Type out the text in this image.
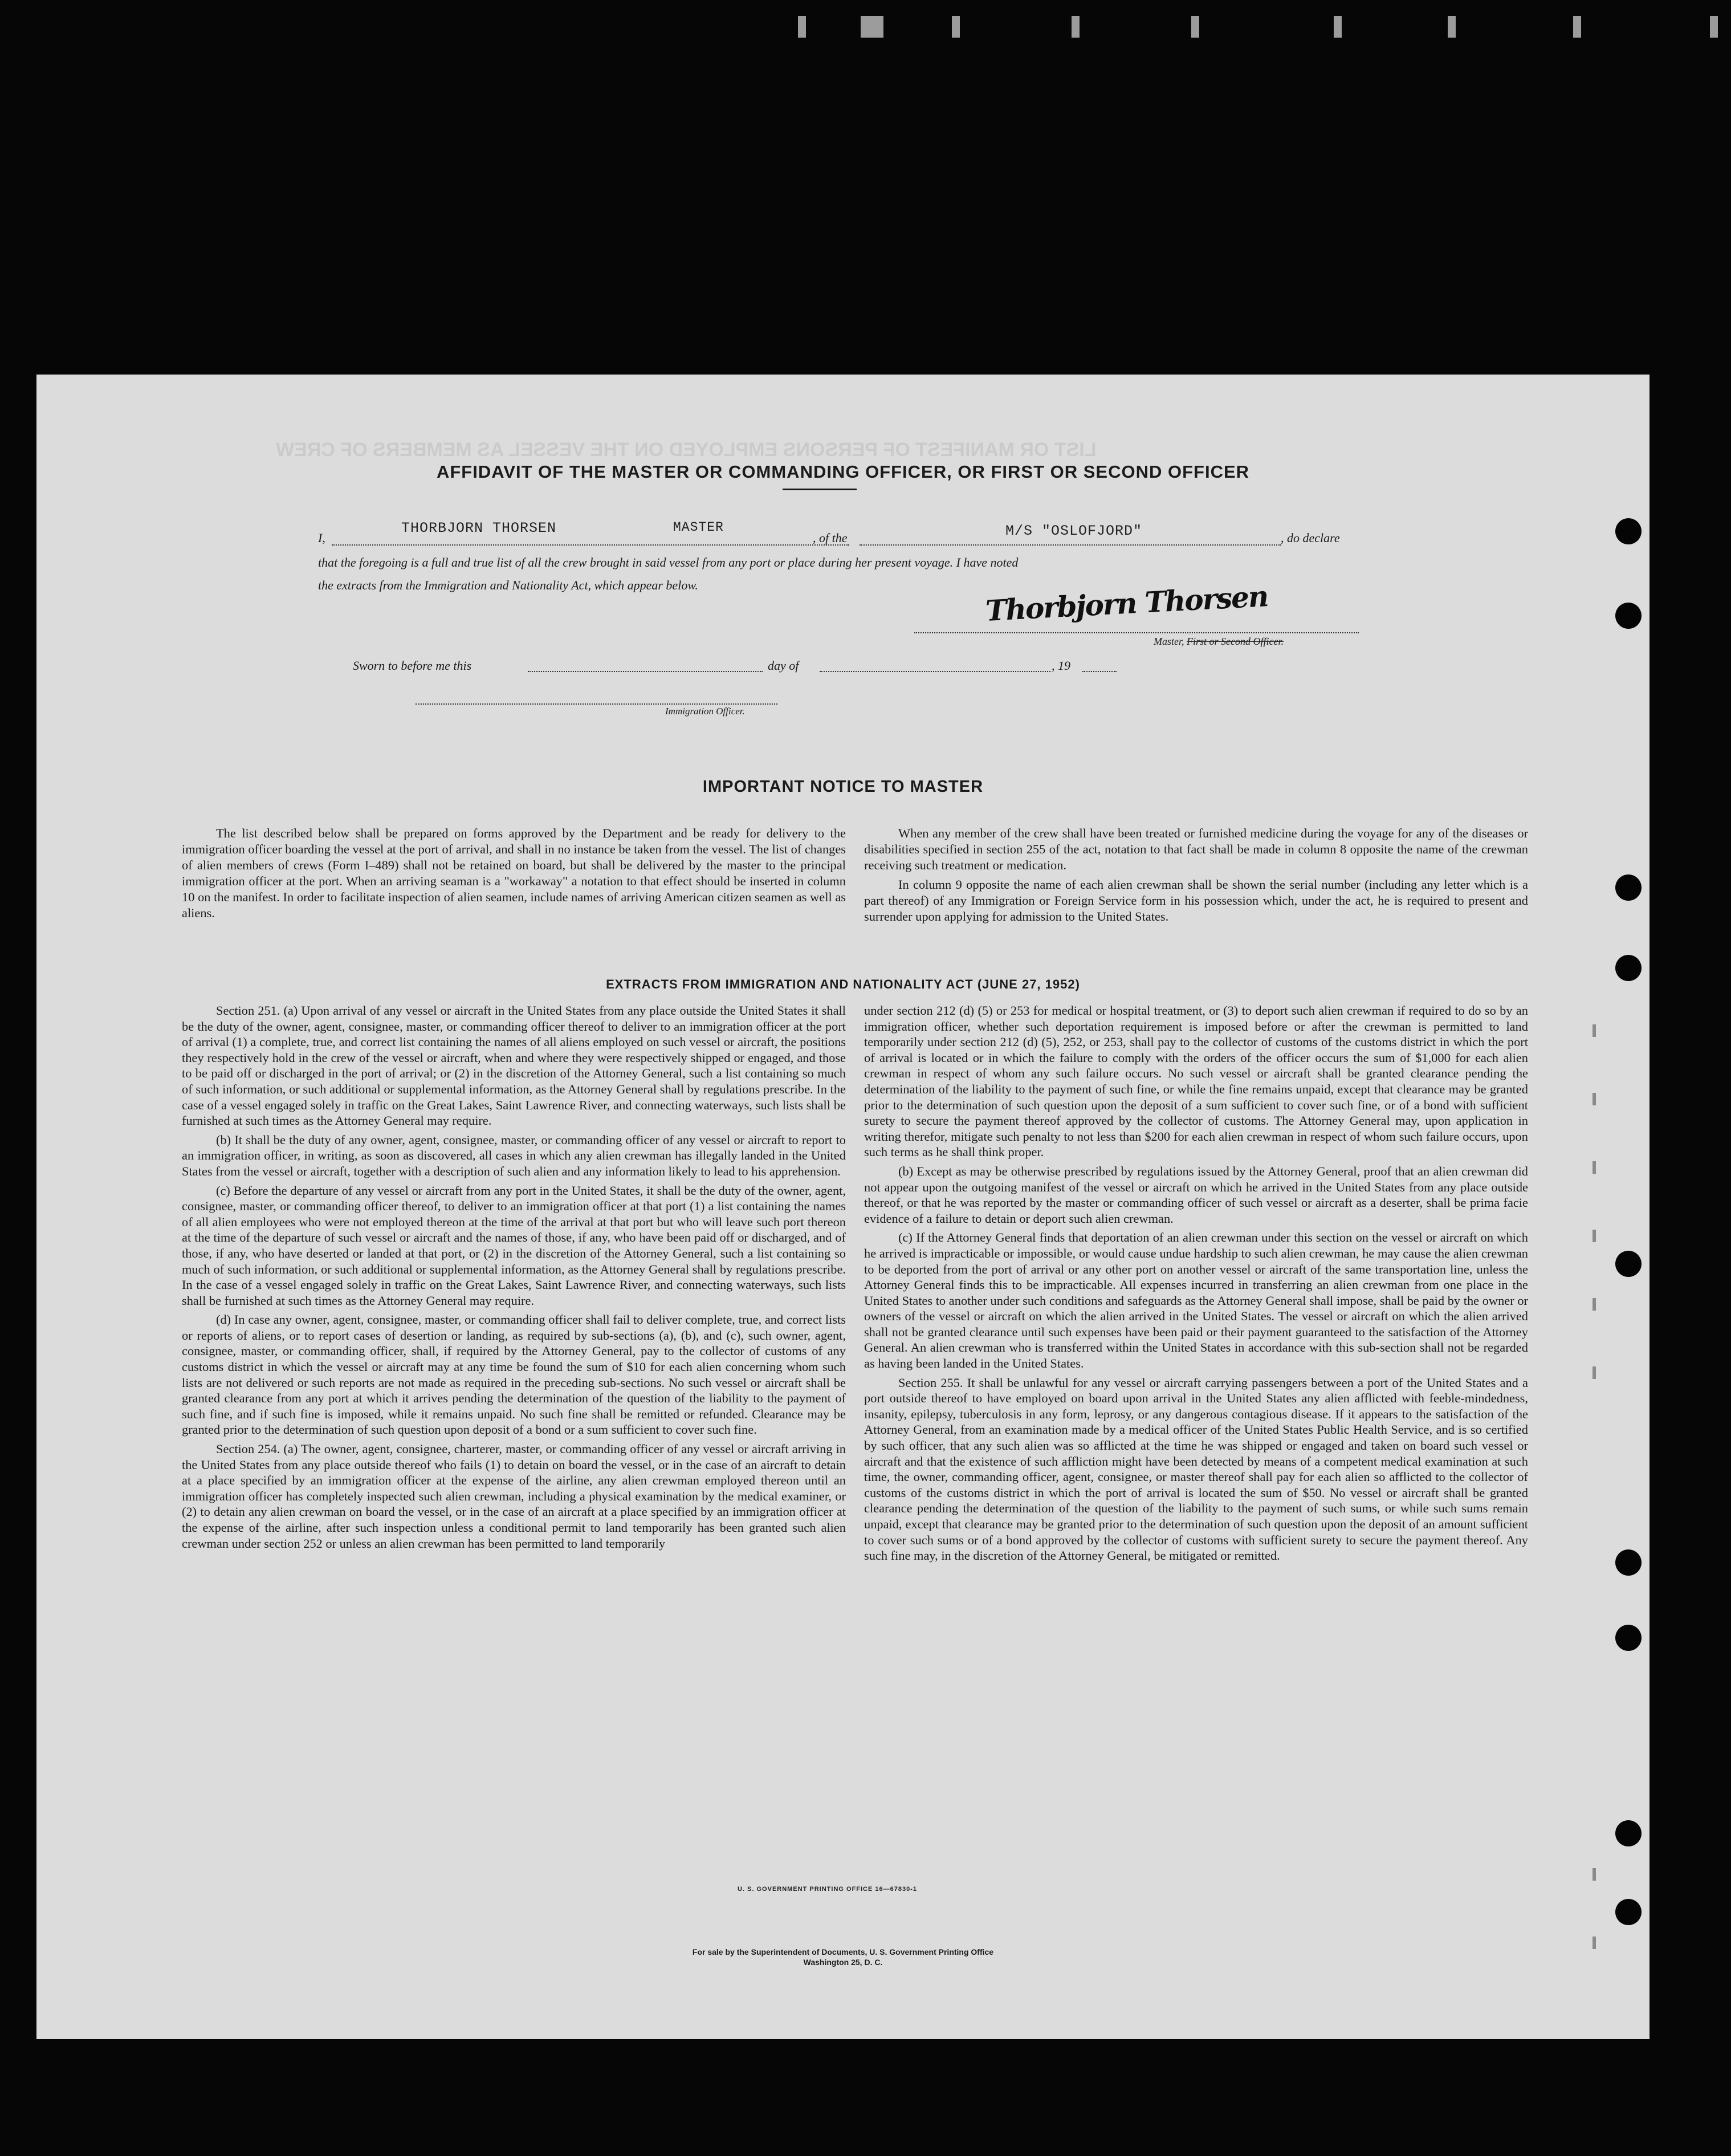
LIST OR MANIFEST OF PERSONS EMPLOYED ON THE VESSEL AS MEMBERS OF CREW
AFFIDAVIT OF THE MASTER OR COMMANDING OFFICER, OR FIRST OR SECOND OFFICER
I,
THORBJORN THORSEN	MASTER
, of the	M/S "OSLOFJORD"	, do declare
that the foregoing is a full and true list of all the crew brought in said vessel from any port or place during her present voyage. I have noted
the extracts from the Immigration and Nationality Act, which appear below.	Thorbjorn Thorsen
Master, First or Second Officer.
Sworn to before me this	day of	, 19
Immigration Officer.
IMPORTANT NOTICE TO MASTER

The list described below shall be prepared on forms approved by the Department and be ready for delivery to the immigration officer boarding the vessel at the port of arrival, and shall in no instance be taken from the vessel. The list of changes of alien members of crews (Form I–489) shall not be retained on board, but shall be delivered by the master to the principal immigration officer at the port. When an arriving seaman is a "workaway" a notation to that effect should be inserted in column 10 on the manifest. In order to facilitate inspection of alien seamen, include names of arriving American citizen seamen as well as aliens.

When any member of the crew shall have been treated or furnished medicine during the voyage for any of the diseases or disabilities specified in section 255 of the act, notation to that fact shall be made in column 8 opposite the name of the crewman receiving such treatment or medication.

In column 9 opposite the name of each alien crewman shall be shown the serial number (including any letter which is a part thereof) of any Immigration or Foreign Service form in his possession which, under the act, he is required to present and surrender upon applying for admission to the United States.

EXTRACTS FROM IMMIGRATION AND NATIONALITY ACT (JUNE 27, 1952)

Section 251. (a) Upon arrival of any vessel or aircraft in the United States from any place outside the United States it shall be the duty of the owner, agent, consignee, master, or commanding officer thereof to deliver to an immigration officer at the port of arrival (1) a complete, true, and correct list containing the names of all aliens employed on such vessel or aircraft, the positions they respectively hold in the crew of the vessel or aircraft, when and where they were respectively shipped or engaged, and those to be paid off or discharged in the port of arrival; or (2) in the discretion of the Attorney General, such a list containing so much of such information, or such additional or supplemental information, as the Attorney General shall by regulations prescribe. In the case of a vessel engaged solely in traffic on the Great Lakes, Saint Lawrence River, and connecting waterways, such lists shall be furnished at such times as the Attorney General may require.

(b) It shall be the duty of any owner, agent, consignee, master, or commanding officer of any vessel or aircraft to report to an immigration officer, in writing, as soon as discovered, all cases in which any alien crewman has illegally landed in the United States from the vessel or aircraft, together with a description of such alien and any information likely to lead to his apprehension.

(c) Before the departure of any vessel or aircraft from any port in the United States, it shall be the duty of the owner, agent, consignee, master, or commanding officer thereof, to deliver to an immigration officer at that port (1) a list containing the names of all alien employees who were not employed thereon at the time of the arrival at that port but who will leave such port thereon at the time of the departure of such vessel or aircraft and the names of those, if any, who have been paid off or discharged, and of those, if any, who have deserted or landed at that port, or (2) in the discretion of the Attorney General, such a list containing so much of such information, or such additional or supplemental information, as the Attorney General shall by regulations prescribe. In the case of a vessel engaged solely in traffic on the Great Lakes, Saint Lawrence River, and connecting waterways, such lists shall be furnished at such times as the Attorney General may require.

(d) In case any owner, agent, consignee, master, or commanding officer shall fail to deliver complete, true, and correct lists or reports of aliens, or to report cases of desertion or landing, as required by sub-sections (a), (b), and (c), such owner, agent, consignee, master, or commanding officer, shall, if required by the Attorney General, pay to the collector of customs of any customs district in which the vessel or aircraft may at any time be found the sum of $10 for each alien concerning whom such lists are not delivered or such reports are not made as required in the preceding sub-sections. No such vessel or aircraft shall be granted clearance from any port at which it arrives pending the determination of the question of the liability to the payment of such fine, and if such fine is imposed, while it remains unpaid. No such fine shall be remitted or refunded. Clearance may be granted prior to the determination of such question upon deposit of a bond or a sum sufficient to cover such fine.

Section 254. (a) The owner, agent, consignee, charterer, master, or commanding officer of any vessel or aircraft arriving in the United States from any place outside thereof who fails (1) to detain on board the vessel, or in the case of an aircraft to detain at a place specified by an immigration officer at the expense of the airline, any alien crewman employed thereon until an immigration officer has completely inspected such alien crewman, including a physical examination by the medical examiner, or (2) to detain any alien crewman on board the vessel, or in the case of an aircraft at a place specified by an immigration officer at the expense of the airline, after such inspection unless a conditional permit to land temporarily has been granted such alien crewman under section 252 or unless an alien crewman has been permitted to land temporarily

under section 212 (d) (5) or 253 for medical or hospital treatment, or (3) to deport such alien crewman if required to do so by an immigration officer, whether such deportation requirement is imposed before or after the crewman is permitted to land temporarily under section 212 (d) (5), 252, or 253, shall pay to the collector of customs of the customs district in which the port of arrival is located or in which the failure to comply with the orders of the officer occurs the sum of $1,000 for each alien crewman in respect of whom any such failure occurs. No such vessel or aircraft shall be granted clearance pending the determination of the liability to the payment of such fine, or while the fine remains unpaid, except that clearance may be granted prior to the determination of such question upon the deposit of a sum sufficient to cover such fine, or of a bond with sufficient surety to secure the payment thereof approved by the collector of customs. The Attorney General may, upon application in writing therefor, mitigate such penalty to not less than $200 for each alien crewman in respect of whom such failure occurs, upon such terms as he shall think proper.

(b) Except as may be otherwise prescribed by regulations issued by the Attorney General, proof that an alien crewman did not appear upon the outgoing manifest of the vessel or aircraft on which he arrived in the United States from any place outside thereof, or that he was reported by the master or commanding officer of such vessel or aircraft as a deserter, shall be prima facie evidence of a failure to detain or deport such alien crewman.

(c) If the Attorney General finds that deportation of an alien crewman under this section on the vessel or aircraft on which he arrived is impracticable or impossible, or would cause undue hardship to such alien crewman, he may cause the alien crewman to be deported from the port of arrival or any other port on another vessel or aircraft of the same transportation line, unless the Attorney General finds this to be impracticable. All expenses incurred in transferring an alien crewman from one place in the United States to another under such conditions and safeguards as the Attorney General shall impose, shall be paid by the owner or owners of the vessel or aircraft on which the alien arrived in the United States. The vessel or aircraft on which the alien arrived shall not be granted clearance until such expenses have been paid or their payment guaranteed to the satisfaction of the Attorney General. An alien crewman who is transferred within the United States in accordance with this sub-section shall not be regarded as having been landed in the United States.

Section 255. It shall be unlawful for any vessel or aircraft carrying passengers between a port of the United States and a port outside thereof to have employed on board upon arrival in the United States any alien afflicted with feeble-mindedness, insanity, epilepsy, tuberculosis in any form, leprosy, or any dangerous contagious disease. If it appears to the satisfaction of the Attorney General, from an examination made by a medical officer of the United States Public Health Service, and is so certified by such officer, that any such alien was so afflicted at the time he was shipped or engaged and taken on board such vessel or aircraft and that the existence of such affliction might have been detected by means of a competent medical examination at such time, the owner, commanding officer, agent, consignee, or master thereof shall pay for each alien so afflicted to the collector of customs of the customs district in which the port of arrival is located the sum of $50. No vessel or aircraft shall be granted clearance pending the determination of the question of the liability to the payment of such sums, or while such sums remain unpaid, except that clearance may be granted prior to the determination of such question upon the deposit of an amount sufficient to cover such sums or of a bond approved by the collector of customs with sufficient surety to secure the payment thereof. Any such fine may, in the discretion of the Attorney General, be mitigated or remitted.

U. S. GOVERNMENT PRINTING OFFICE 16—67830-1
For sale by the Superintendent of Documents, U. S. Government Printing Office
Washington 25, D. C.
